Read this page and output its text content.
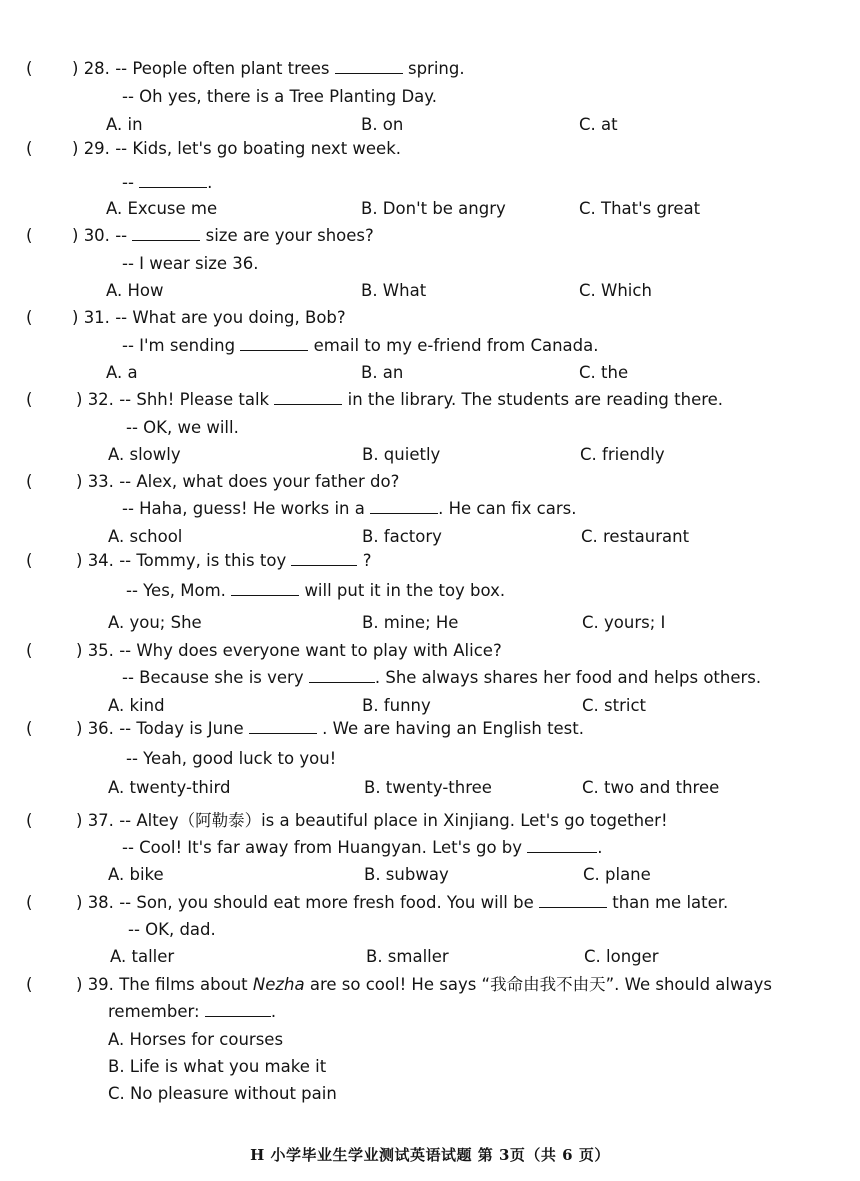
( ) 28. -- People often plant trees	spring.
-- Oh yes, there is a Tree Planting Day.
A. in	B. on	C. at
( ) 29. -- Kids, let's go boating next week.
--	.
A. Excuse me	B. Don't be angry	C. That's great
( ) 30. --	size are your shoes?
-- I wear size 36.
A. How	B. What	C. Which
( ) 31. -- What are you doing, Bob?
-- I'm sending	email to my e-friend from Canada.
A. a	B. an	C. the
(	) 32. -- Shh! Please talk	in the library. The students are reading there.
-- OK, we will.
A. slowly	B. quietly	C. friendly
(	) 33. -- Alex, what does your father do?
-- Haha, guess! He works in a	. He can fix cars.
A. school	B. factory	C. restaurant
(	) 34. -- Tommy, is this toy	?
-- Yes, Mom.	will put it in the toy box.
A. you; She	B. mine; He	C. yours; I
(	) 35. -- Why does everyone want to play with Alice?
-- Because she is very	. She always shares her food and helps others.
A. kind	B. funny	C. strict
(	) 36. -- Today is June	. We are having an English test.
-- Yeah, good luck to you!
A. twenty-third	B. twenty-three	C. two and three
(	) 37. -- Altey（阿勒泰）is a beautiful place in Xinjiang. Let's go together!
-- Cool! It's far away from Huangyan. Let's go by	.
A. bike	B. subway	C. plane
(	) 38. -- Son, you should eat more fresh food. You will be	than me later.
-- OK, dad.
A. taller	B. smaller	C. longer
(	) 39. The films about Nezha are so cool! He says “我命由我不由天”. We should always
remember:	.
A. Horses for courses
B. Life is what you make it
C. No pleasure without pain
H 小学毕业生学业测试英语试题 第 3页（共 6 页）
